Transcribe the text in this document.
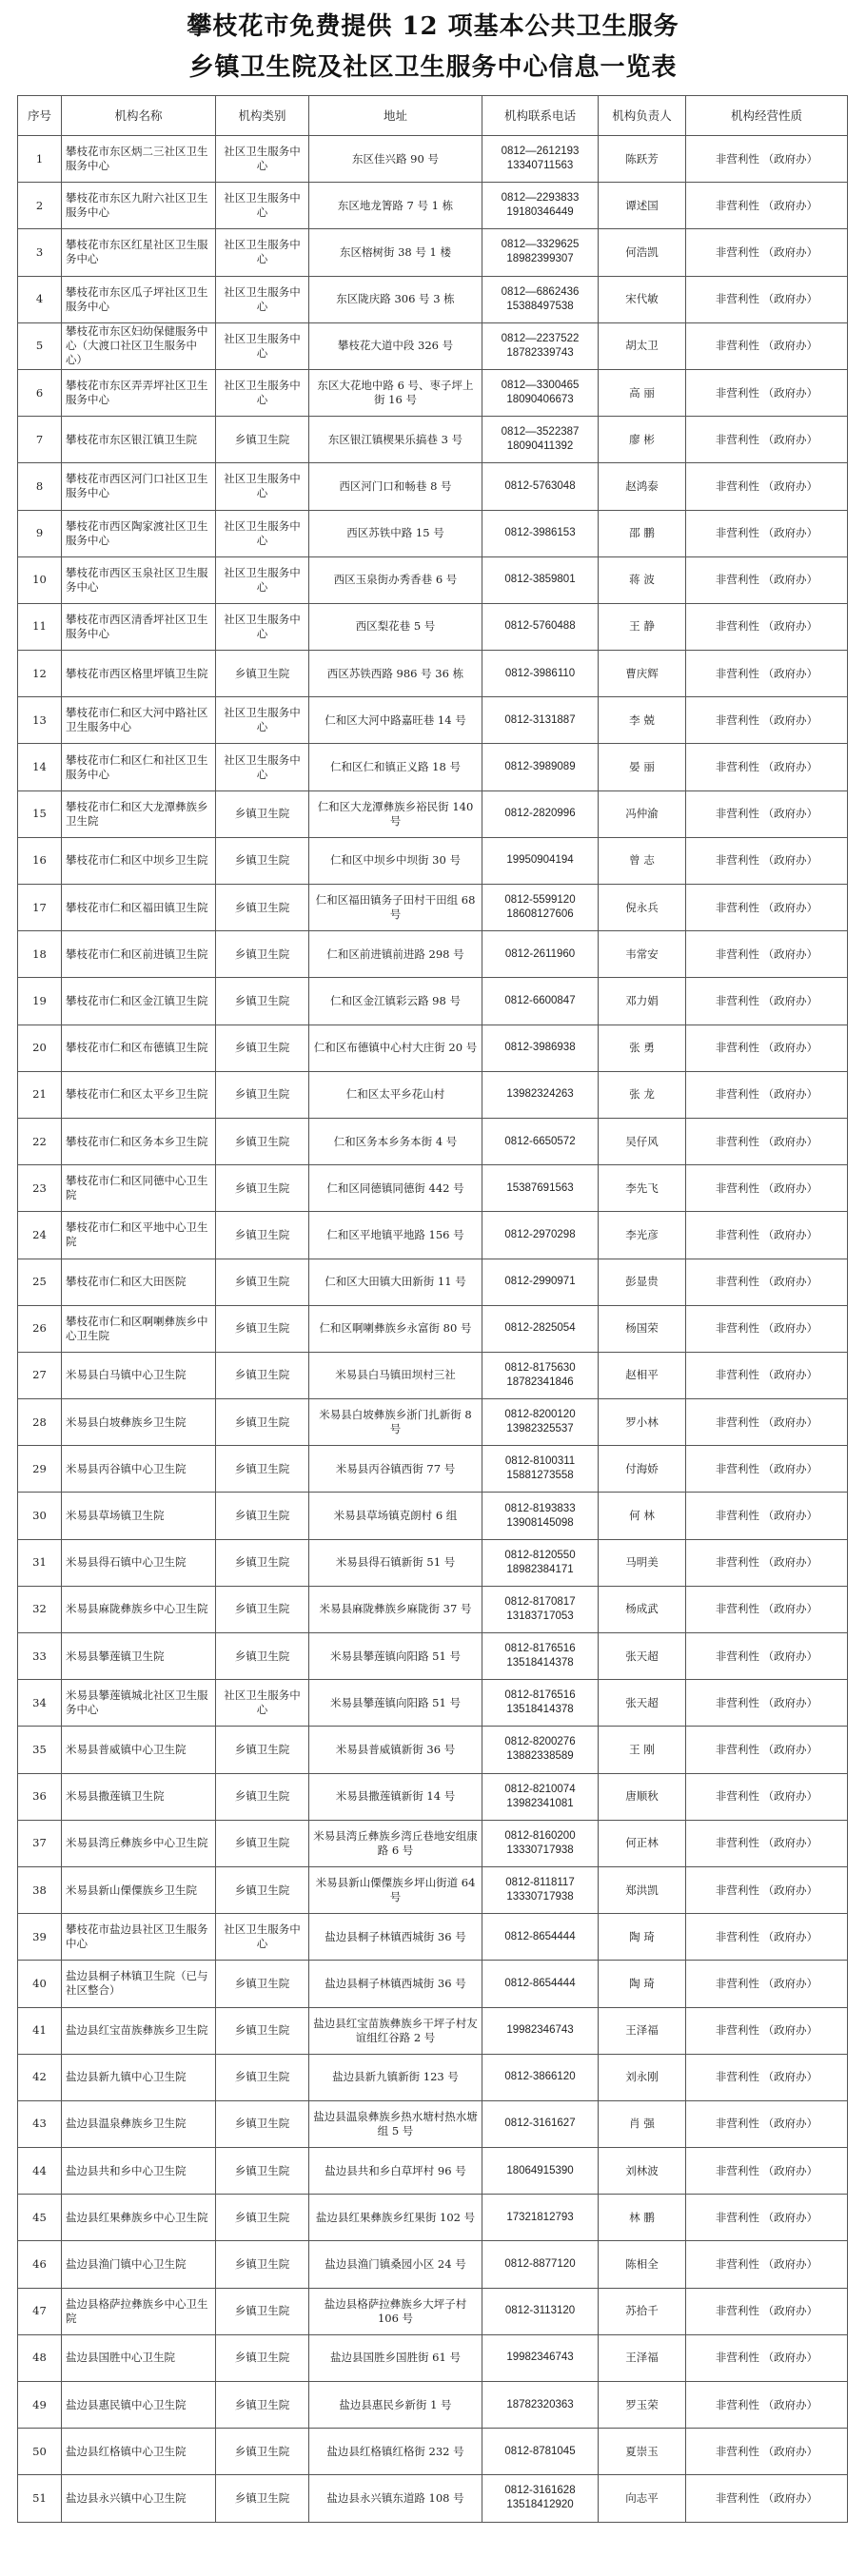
攀枝花市免费提供 12 项基本公共卫生服务
乡镇卫生院及社区卫生服务中心信息一览表
序号	机构名称	机构类别	地址	机构联系电话	机构负责人	机构经营性质
1	攀枝花市东区炳二三社区卫生服务中心	社区卫生服务中心	东区佳兴路 90 号	0812—2612193 13340711563	陈跃芳	非营利性 （政府办）
2	攀枝花市东区九附六社区卫生服务中心	社区卫生服务中心	东区地龙箐路 7 号 1 栋	0812—2293833 19180346449	谭述国	非营利性 （政府办）
3	攀枝花市东区红星社区卫生服务中心	社区卫生服务中心	东区榕树街 38 号 1 楼	0812—3329625 18982399307	何浩凯	非营利性 （政府办）
4	攀枝花市东区瓜子坪社区卫生服务中心	社区卫生服务中心	东区陇庆路 306 号 3 栋	0812—6862436 15388497538	宋代敏	非营利性 （政府办）
5	攀枝花市东区妇幼保健服务中心（大渡口社区卫生服务中心）	社区卫生服务中心	攀枝花大道中段 326 号	0812—2237522 18782339743	胡太卫	非营利性 （政府办）
6	攀枝花市东区弄弄坪社区卫生服务中心	社区卫生服务中心	东区大花地中路 6 号、枣子坪上街 16 号	0812—3300465 18090406673	高 丽	非营利性 （政府办）
7	攀枝花市东区银江镇卫生院	乡镇卫生院	东区银江镇楔果乐搞巷 3 号	0812—3522387 18090411392	廖 彬	非营利性 （政府办）
8	攀枝花市西区河门口社区卫生服务中心	社区卫生服务中心	西区河门口和畅巷 8 号	0812-5763048	赵鸿泰	非营利性 （政府办）
9	攀枝花市西区陶家渡社区卫生服务中心	社区卫生服务中心	西区苏铁中路 15 号	0812-3986153	邵 鹏	非营利性 （政府办）
10	攀枝花市西区玉泉社区卫生服务中心	社区卫生服务中心	西区玉泉街办秀香巷 6 号	0812-3859801	蒋 波	非营利性 （政府办）
11	攀枝花市西区清香坪社区卫生服务中心	社区卫生服务中心	西区梨花巷 5 号	0812-5760488	王 静	非营利性 （政府办）
12	攀枝花市西区格里坪镇卫生院	乡镇卫生院	西区苏铁西路 986 号 36 栋	0812-3986110	曹庆辉	非营利性 （政府办）
13	攀枝花市仁和区大河中路社区卫生服务中心	社区卫生服务中心	仁和区大河中路嘉旺巷 14 号	0812-3131887	李 兢	非营利性 （政府办）
14	攀枝花市仁和区仁和社区卫生服务中心	社区卫生服务中心	仁和区仁和镇正义路 18 号	0812-3989089	晏 丽	非营利性 （政府办）
15	攀枝花市仁和区大龙潭彝族乡卫生院	乡镇卫生院	仁和区大龙潭彝族乡裕民街 140 号	0812-2820996	冯仲渝	非营利性 （政府办）
16	攀枝花市仁和区中坝乡卫生院	乡镇卫生院	仁和区中坝乡中坝街 30 号	19950904194	曾 志	非营利性 （政府办）
17	攀枝花市仁和区福田镇卫生院	乡镇卫生院	仁和区福田镇务子田村干田组 68 号	0812-5599120 18608127606	倪永兵	非营利性 （政府办）
18	攀枝花市仁和区前进镇卫生院	乡镇卫生院	仁和区前进镇前进路 298 号	0812-2611960	韦常安	非营利性 （政府办）
19	攀枝花市仁和区金江镇卫生院	乡镇卫生院	仁和区金江镇彩云路 98 号	0812-6600847	邓力娟	非营利性 （政府办）
20	攀枝花市仁和区布德镇卫生院	乡镇卫生院	仁和区布德镇中心村大庄街 20 号	0812-3986938	张 勇	非营利性 （政府办）
21	攀枝花市仁和区太平乡卫生院	乡镇卫生院	仁和区太平乡花山村	13982324263	张 龙	非营利性 （政府办）
22	攀枝花市仁和区务本乡卫生院	乡镇卫生院	仁和区务本乡务本街 4 号	0812-6650572	吴仔风	非营利性 （政府办）
23	攀枝花市仁和区同德中心卫生院	乡镇卫生院	仁和区同德镇同德街 442 号	15387691563	李先飞	非营利性 （政府办）
24	攀枝花市仁和区平地中心卫生院	乡镇卫生院	仁和区平地镇平地路 156 号	0812-2970298	李光彦	非营利性 （政府办）
25	攀枝花市仁和区大田医院	乡镇卫生院	仁和区大田镇大田新街 11 号	0812-2990971	彭显贵	非营利性 （政府办）
26	攀枝花市仁和区啊喇彝族乡中心卫生院	乡镇卫生院	仁和区啊喇彝族乡永富街 80 号	0812-2825054	杨国荣	非营利性 （政府办）
27	米易县白马镇中心卫生院	乡镇卫生院	米易县白马镇田坝村三社	0812-8175630 18782341846	赵相平	非营利性 （政府办）
28	米易县白坡彝族乡卫生院	乡镇卫生院	米易县白坡彝族乡浙门扎新街 8 号	0812-8200120 13982325537	罗小林	非营利性 （政府办）
29	米易县丙谷镇中心卫生院	乡镇卫生院	米易县丙谷镇西街 77 号	0812-8100311 15881273558	付海娇	非营利性 （政府办）
30	米易县草场镇卫生院	乡镇卫生院	米易县草场镇克朗村 6 组	0812-8193833 13908145098	何 林	非营利性 （政府办）
31	米易县得石镇中心卫生院	乡镇卫生院	米易县得石镇新街 51 号	0812-8120550 18982384171	马明美	非营利性 （政府办）
32	米易县麻陇彝族乡中心卫生院	乡镇卫生院	米易县麻陇彝族乡麻陇街 37 号	0812-8170817 13183717053	杨成武	非营利性 （政府办）
33	米易县攀莲镇卫生院	乡镇卫生院	米易县攀莲镇向阳路 51 号	0812-8176516 13518414378	张天超	非营利性 （政府办）
34	米易县攀莲镇城北社区卫生服务中心	社区卫生服务中心	米易县攀莲镇向阳路 51 号	0812-8176516 13518414378	张天超	非营利性 （政府办）
35	米易县普威镇中心卫生院	乡镇卫生院	米易县普威镇新街 36 号	0812-8200276 13882338589	王 刚	非营利性 （政府办）
36	米易县撒莲镇卫生院	乡镇卫生院	米易县撒莲镇新街 14 号	0812-8210074 13982341081	唐顺秋	非营利性 （政府办）
37	米易县湾丘彝族乡中心卫生院	乡镇卫生院	米易县湾丘彝族乡湾丘巷地安组康路 6 号	0812-8160200 13330717938	何正林	非营利性 （政府办）
38	米易县新山傈僳族乡卫生院	乡镇卫生院	米易县新山傈僳族乡坪山街道 64 号	0812-8118117 13330717938	郑洪凯	非营利性 （政府办）
39	攀枝花市盐边县社区卫生服务中心	社区卫生服务中心	盐边县桐子林镇西城街 36 号	0812-8654444	陶 琦	非营利性 （政府办）
40	盐边县桐子林镇卫生院（已与社区整合）	乡镇卫生院	盐边县桐子林镇西城街 36 号	0812-8654444	陶 琦	非营利性 （政府办）
41	盐边县红宝苗族彝族乡卫生院	乡镇卫生院	盐边县红宝苗族彝族乡干坪子村友谊组红谷路 2 号	19982346743	王泽福	非营利性 （政府办）
42	盐边县新九镇中心卫生院	乡镇卫生院	盐边县新九镇新街 123 号	0812-3866120	刘永刚	非营利性 （政府办）
43	盐边县温泉彝族乡卫生院	乡镇卫生院	盐边县温泉彝族乡热水塘村热水塘组 5 号	0812-3161627	肖 强	非营利性 （政府办）
44	盐边县共和乡中心卫生院	乡镇卫生院	盐边县共和乡白草坪村 96 号	18064915390	刘林波	非营利性 （政府办）
45	盐边县红果彝族乡中心卫生院	乡镇卫生院	盐边县红果彝族乡红果街 102 号	17321812793	林 鹏	非营利性 （政府办）
46	盐边县渔门镇中心卫生院	乡镇卫生院	盐边县渔门镇桑园小区 24 号	0812-8877120	陈相全	非营利性 （政府办）
47	盐边县格萨拉彝族乡中心卫生院	乡镇卫生院	盐边县格萨拉彝族乡大坪子村 106 号	0812-3113120	苏拾千	非营利性 （政府办）
48	盐边县国胜中心卫生院	乡镇卫生院	盐边县国胜乡国胜街 61 号	19982346743	王泽福	非营利性 （政府办）
49	盐边县惠民镇中心卫生院	乡镇卫生院	盐边县惠民乡新街 1 号	18782320363	罗玉荣	非营利性 （政府办）
50	盐边县红格镇中心卫生院	乡镇卫生院	盐边县红格镇红格街 232 号	0812-8781045	夏崇玉	非营利性 （政府办）
51	盐边县永兴镇中心卫生院	乡镇卫生院	盐边县永兴镇东道路 108 号	0812-3161628 13518412920	向志平	非营利性 （政府办）
